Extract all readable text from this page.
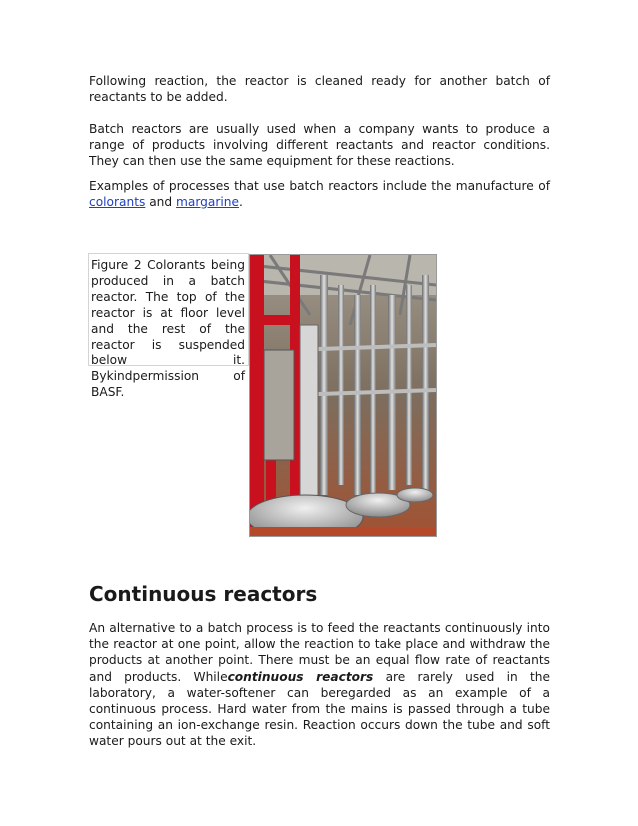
Following reaction, the reactor is cleaned ready for another batch of reactants to be added.

Batch reactors are usually used when a company wants to produce a range of products involving different reactants and reactor conditions. They can then use the same equipment for these reactions.

Examples of processes that use batch reactors include the manufacture of colorants and margarine.

Figure 2 Colorants being produced in a batch reactor. The top of the reactor is at floor level and the rest of the reactor is suspended below it. Bykindpermission of BASF.

Continuous reactors

An alternative to a batch process is to feed the reactants continuously into the reactor at one point, allow the reaction to take place and withdraw the products at another point. There must be an equal flow rate of reactants and products. Whilecontinuous reactors are rarely used in the laboratory, a water-softener can beregarded as an example of a continuous process. Hard water from the mains is passed through a tube containing an ion-exchange resin. Reaction occurs down the tube and soft water pours out at the exit.
